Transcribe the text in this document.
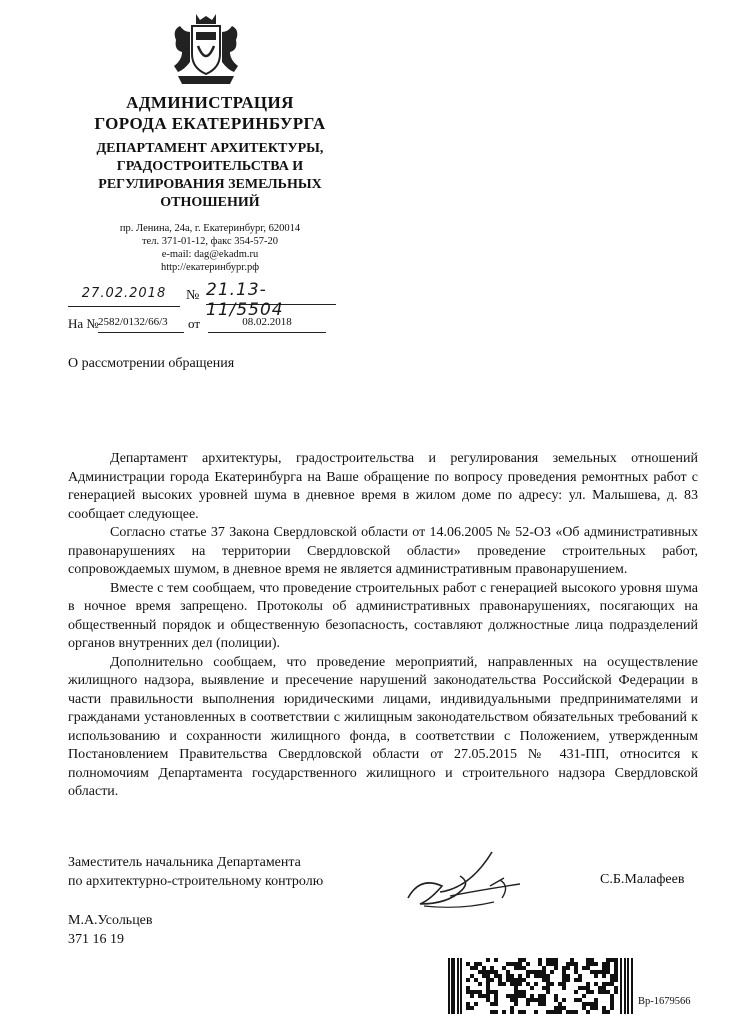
АДМИНИСТРАЦИЯ
ГОРОДА ЕКАТЕРИНБУРГА
ДЕПАРТАМЕНТ АРХИТЕКТУРЫ,
ГРАДОСТРОИТЕЛЬСТВА И
РЕГУЛИРОВАНИЯ ЗЕМЕЛЬНЫХ
ОТНОШЕНИЙ
пр. Ленина, 24а, г. Екатеринбург, 620014
тел. 371-01-12, факс 354-57-20
e-mail: dag@ekadm.ru
http://екатеринбург.рф
27.02.2018	№ 21.13-11/5504
На № 2582/0132/66/3	от	08.02.2018
О рассмотрении обращения

Департамент архитектуры, градостроительства и регулирования земельных отношений Администрации города Екатеринбурга на Ваше обращение по вопросу проведения ремонтных работ с генерацией высоких уровней шума в дневное время в жилом доме по адресу: ул. Малышева, д. 83 сообщает следующее.

Согласно статье 37 Закона Свердловской области от 14.06.2005 № 52-ОЗ «Об административных правонарушениях на территории Свердловской области» проведение строительных работ, сопровождаемых шумом, в дневное время не является административным правонарушением.

Вместе с тем сообщаем, что проведение строительных работ с генерацией высокого уровня шума в ночное время запрещено. Протоколы об административных правонарушениях, посягающих на общественный порядок и общественную безопасность, составляют должностные лица подразделений органов внутренних дел (полиции).

Дополнительно сообщаем, что проведение мероприятий, направленных на осуществление жилищного надзора, выявление и пресечение нарушений законодательства Российской Федерации в части правильности выполнения юридическими лицами, индивидуальными предпринимателями и гражданами установленных в соответствии с жилищным законодательством обязательных требований к использованию и сохранности жилищного фонда, в соответствии с Положением, утвержденным Постановлением Правительства Свердловской области от 27.05.2015 № 431-ПП, относится к полномочиям Департамента государственного жилищного и строительного надзора Свердловской области.

Заместитель начальника Департамента
по архитектурно-строительному контролю	С.Б.Малафеев
М.А.Усольцев
371 16 19
Вр-1679566
